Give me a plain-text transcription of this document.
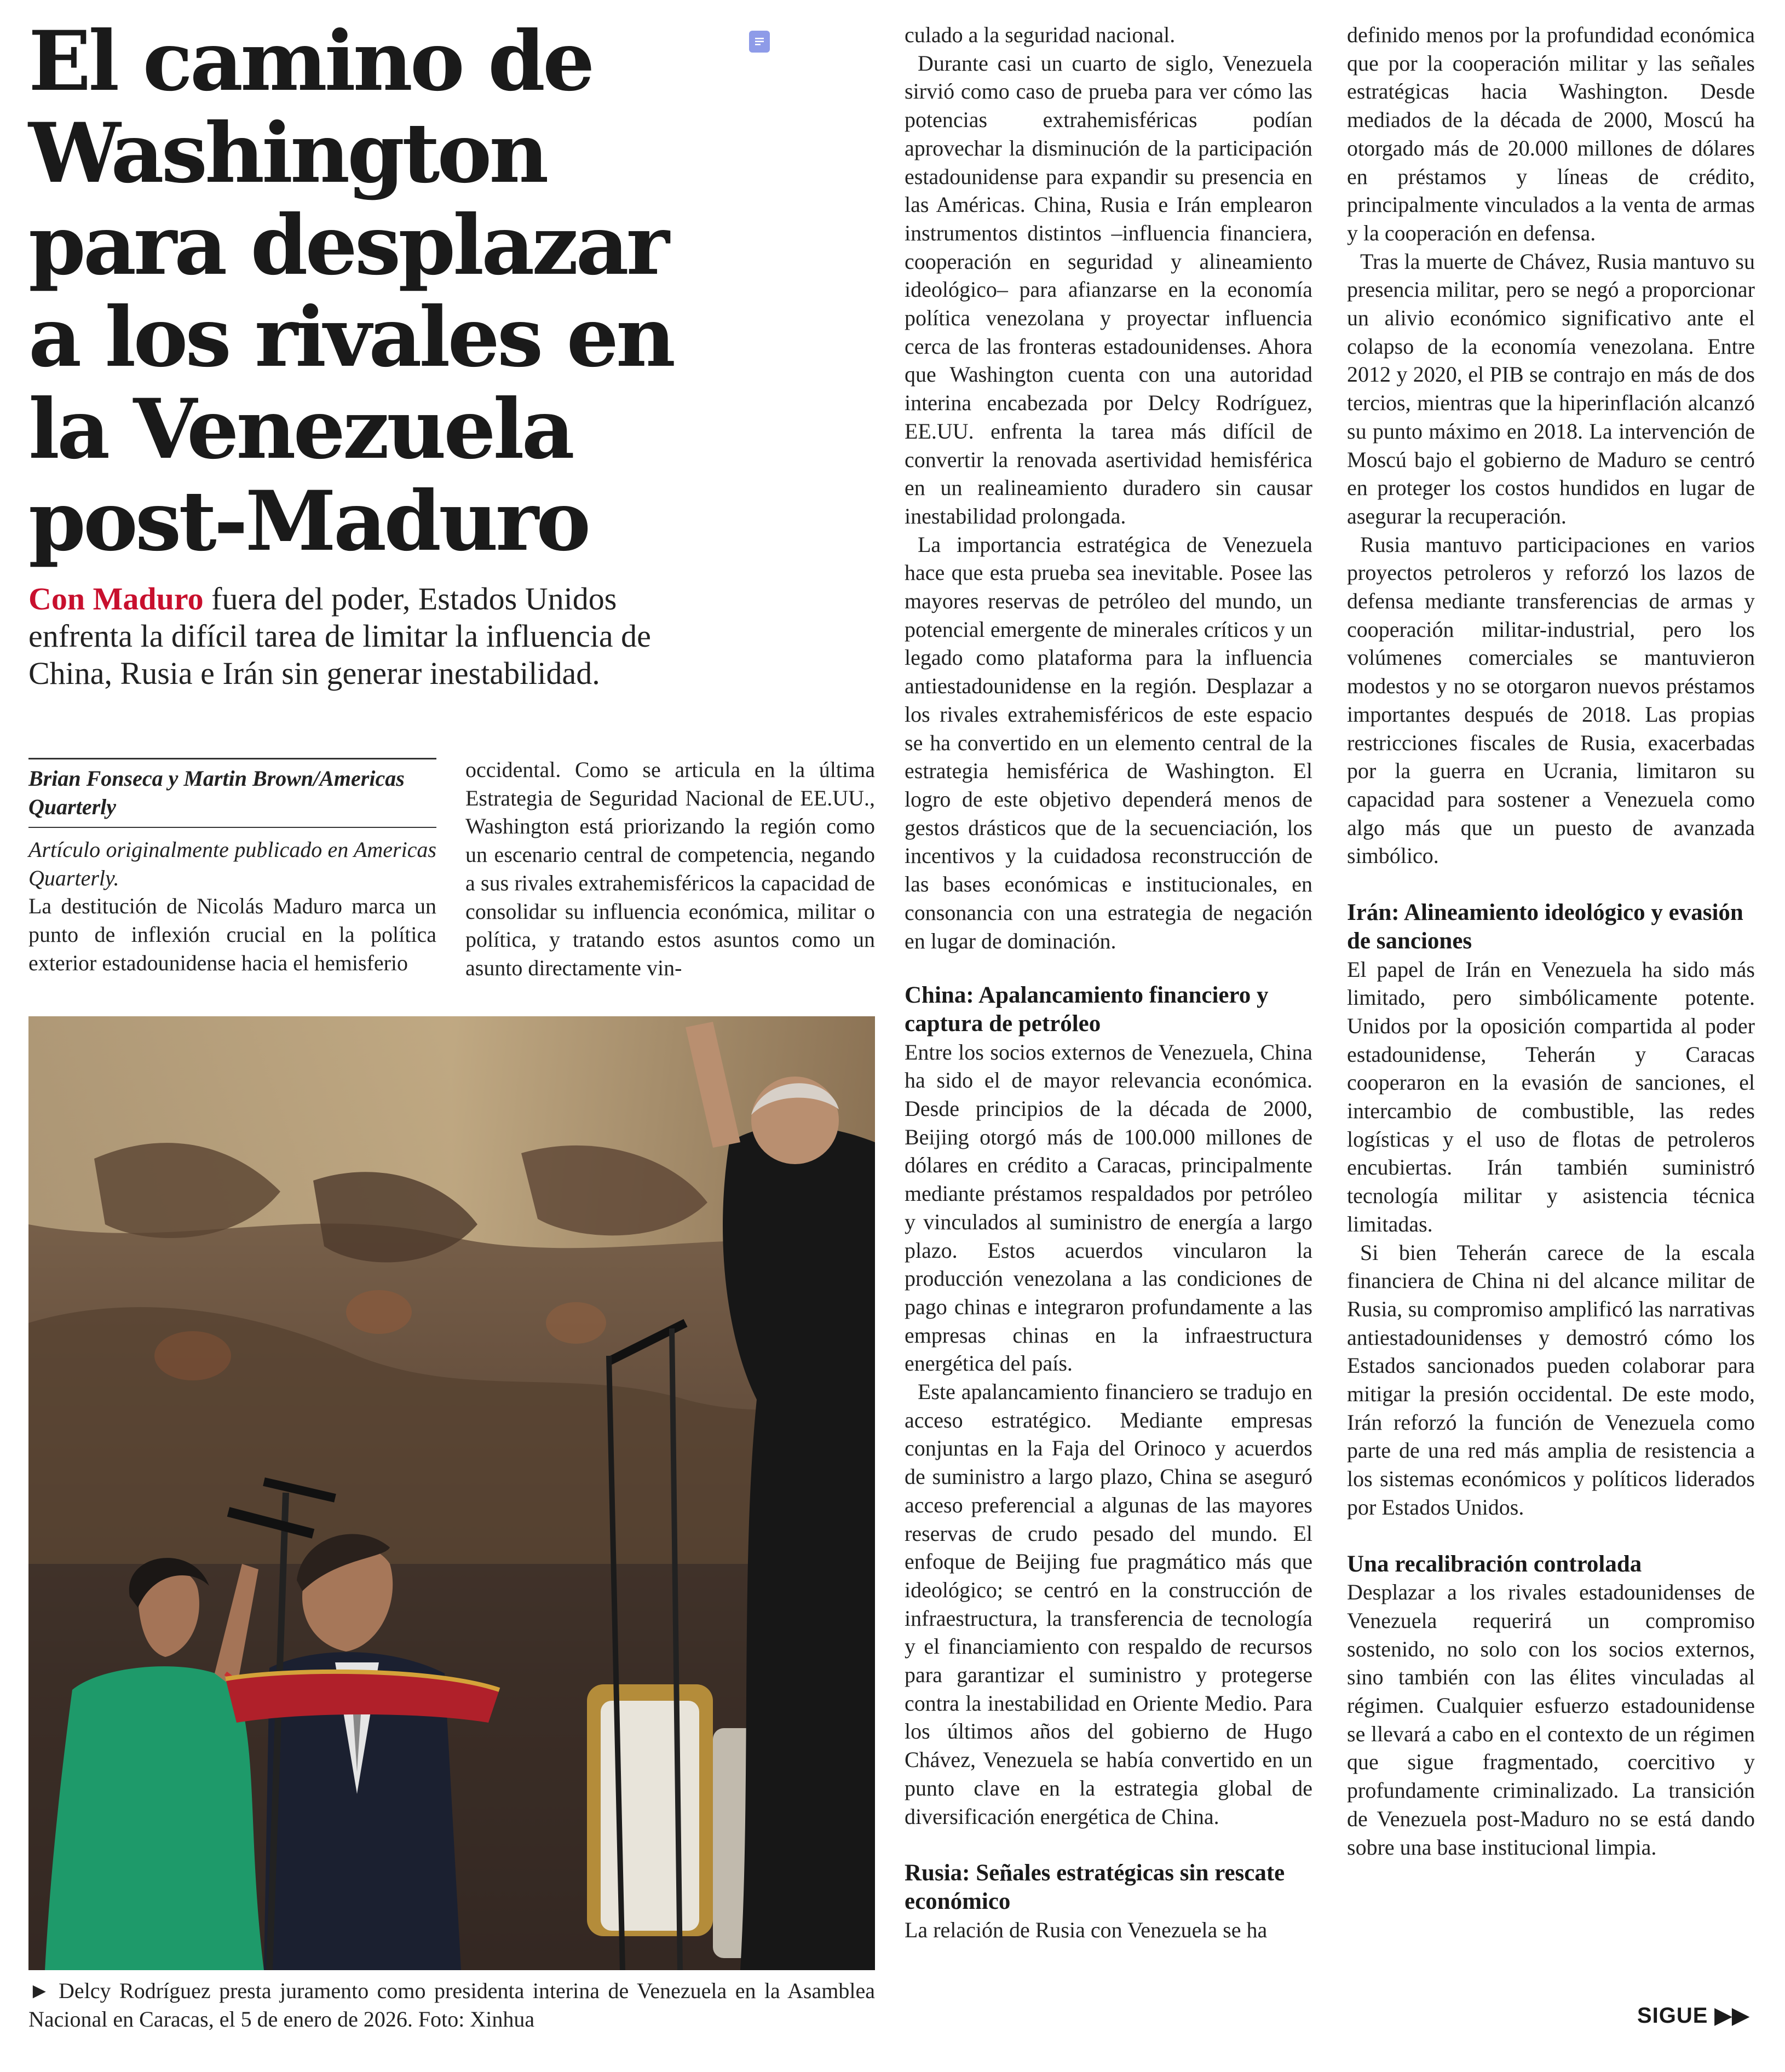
El camino de Washington para desplazar a los rivales en la Venezuela post-Maduro

Con Maduro fuera del poder, Estados Unidos enfrenta la difícil tarea de limitar la influencia de China, Rusia e Irán sin generar inestabilidad.

Brian Fonseca y Martin Brown/Americas Quarterly

Artículo originalmente publicado en Americas Quarterly.

La destitución de Nicolás Maduro marca un punto de inflexión crucial en la política exterior estadounidense hacia el hemisferio

occidental. Como se articula en la última Estrategia de Seguridad Nacional de EE.UU., Washington está priorizando la región como un escenario central de competencia, negando a sus rivales extrahemisféricos la capacidad de consolidar su influencia económica, militar o política, y tratando estos asuntos como un asunto directamente vin-

► Delcy Rodríguez presta juramento como presidenta interina de Venezuela en la Asamblea Nacional en Caracas, el 5 de enero de 2026. Foto: Xinhua

culado a la seguridad nacional.

Durante casi un cuarto de siglo, Venezuela sirvió como caso de prueba para ver cómo las potencias extrahemisféricas podían aprovechar la disminución de la participación estadounidense para expandir su presencia en las Américas. China, Rusia e Irán emplearon instrumentos distintos –influencia financiera, cooperación en seguridad y alineamiento ideológico– para afianzarse en la economía política venezolana y proyectar influencia cerca de las fronteras estadounidenses. Ahora que Washington cuenta con una autoridad interina encabezada por Delcy Rodríguez, EE.UU. enfrenta la tarea más difícil de convertir la renovada asertividad hemisférica en un realineamiento duradero sin causar inestabilidad prolongada.

La importancia estratégica de Venezuela hace que esta prueba sea inevitable. Posee las mayores reservas de petróleo del mundo, un potencial emergente de minerales críticos y un legado como plataforma para la influencia antiestadounidense en la región. Desplazar a los rivales extrahemisféricos de este espacio se ha convertido en un elemento central de la estrategia hemisférica de Washington. El logro de este objetivo dependerá menos de gestos drásticos que de la secuenciación, los incentivos y la cuidadosa reconstrucción de las bases económicas e institucionales, en consonancia con una estrategia de negación en lugar de dominación.

China: Apalancamiento financiero y captura de petróleo

Entre los socios externos de Venezuela, China ha sido el de mayor relevancia económica. Desde principios de la década de 2000, Beijing otorgó más de 100.000 millones de dólares en crédito a Caracas, principalmente mediante préstamos respaldados por petróleo y vinculados al suministro de energía a largo plazo. Estos acuerdos vincularon la producción venezolana a las condiciones de pago chinas e integraron profundamente a las empresas chinas en la infraestructura energética del país.

Este apalancamiento financiero se tradujo en acceso estratégico. Mediante empresas conjuntas en la Faja del Orinoco y acuerdos de suministro a largo plazo, China se aseguró acceso preferencial a algunas de las mayores reservas de crudo pesado del mundo. El enfoque de Beijing fue pragmático más que ideológico; se centró en la construcción de infraestructura, la transferencia de tecnología y el financiamiento con respaldo de recursos para garantizar el suministro y protegerse contra la inestabilidad en Oriente Medio. Para los últimos años del gobierno de Hugo Chávez, Venezuela se había convertido en un punto clave en la estrategia global de diversificación energética de China.

Rusia: Señales estratégicas sin rescate económico

La relación de Rusia con Venezuela se ha

definido menos por la profundidad económica que por la cooperación militar y las señales estratégicas hacia Washington. Desde mediados de la década de 2000, Moscú ha otorgado más de 20.000 millones de dólares en préstamos y líneas de crédito, principalmente vinculados a la venta de armas y la cooperación en defensa.

Tras la muerte de Chávez, Rusia mantuvo su presencia militar, pero se negó a proporcionar un alivio económico significativo ante el colapso de la economía venezolana. Entre 2012 y 2020, el PIB se contrajo en más de dos tercios, mientras que la hiperinflación alcanzó su punto máximo en 2018. La intervención de Moscú bajo el gobierno de Maduro se centró en proteger los costos hundidos en lugar de asegurar la recuperación.

Rusia mantuvo participaciones en varios proyectos petroleros y reforzó los lazos de defensa mediante transferencias de armas y cooperación militar-industrial, pero los volúmenes comerciales se mantuvieron modestos y no se otorgaron nuevos préstamos importantes después de 2018. Las propias restricciones fiscales de Rusia, exacerbadas por la guerra en Ucrania, limitaron su capacidad para sostener a Venezuela como algo más que un puesto de avanzada simbólico.

Irán: Alineamiento ideológico y evasión de sanciones

El papel de Irán en Venezuela ha sido más limitado, pero simbólicamente potente. Unidos por la oposición compartida al poder estadounidense, Teherán y Caracas cooperaron en la evasión de sanciones, el intercambio de combustible, las redes logísticas y el uso de flotas de petroleros encubiertas. Irán también suministró tecnología militar y asistencia técnica limitadas.

Si bien Teherán carece de la escala financiera de China ni del alcance militar de Rusia, su compromiso amplificó las narrativas antiestadounidenses y demostró cómo los Estados sancionados pueden colaborar para mitigar la presión occidental. De este modo, Irán reforzó la función de Venezuela como parte de una red más amplia de resistencia a los sistemas económicos y políticos liderados por Estados Unidos.

Una recalibración controlada

Desplazar a los rivales estadounidenses de Venezuela requerirá un compromiso sostenido, no solo con los socios externos, sino también con las élites vinculadas al régimen. Cualquier esfuerzo estadounidense se llevará a cabo en el contexto de un régimen que sigue fragmentado, coercitivo y profundamente criminalizado. La transición de Venezuela post-Maduro no se está dando sobre una base institucional limpia.

SIGUE ▶▶
